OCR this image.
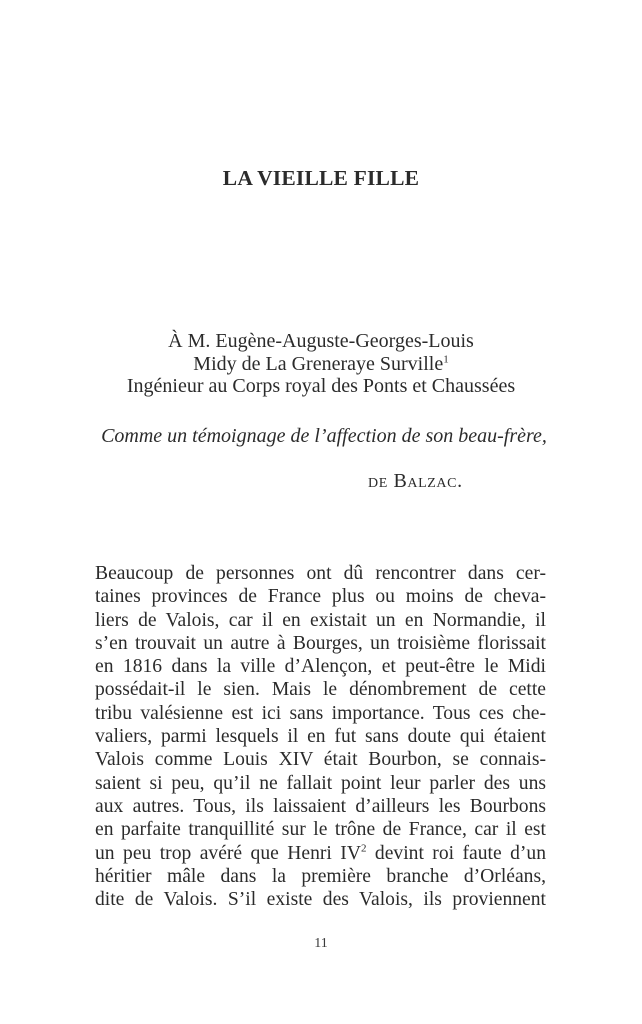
LA VIEILLE FILLE
À M. Eugène-Auguste-Georges-Louis
Midy de La Greneraye Surville$^1$
Ingénieur au Corps royal des Ponts et Chaussées
Comme un témoignage de l’affection de son beau-frère,
de Balzac.
Beaucoup de personnes ont dû rencontrer dans cer-
taines provinces de France plus ou moins de cheva-
liers de Valois, car il en existait un en Normandie, il
s’en trouvait un autre à Bourges, un troisième florissait
en 1816 dans la ville d’Alençon, et peut-être le Midi
possédait-il le sien. Mais le dénombrement de cette
tribu valésienne est ici sans importance. Tous ces che-
valiers, parmi lesquels il en fut sans doute qui étaient
Valois comme Louis XIV était Bourbon, se connais-
saient si peu, qu’il ne fallait point leur parler des uns
aux autres. Tous, ils laissaient d’ailleurs les Bourbons
en parfaite tranquillité sur le trône de France, car il est
un peu trop avéré que Henri $IV^2$ devint roi faute d’un
héritier mâle dans la première branche d’Orléans,
dite de Valois. S’il existe des Valois, ils proviennent
11
